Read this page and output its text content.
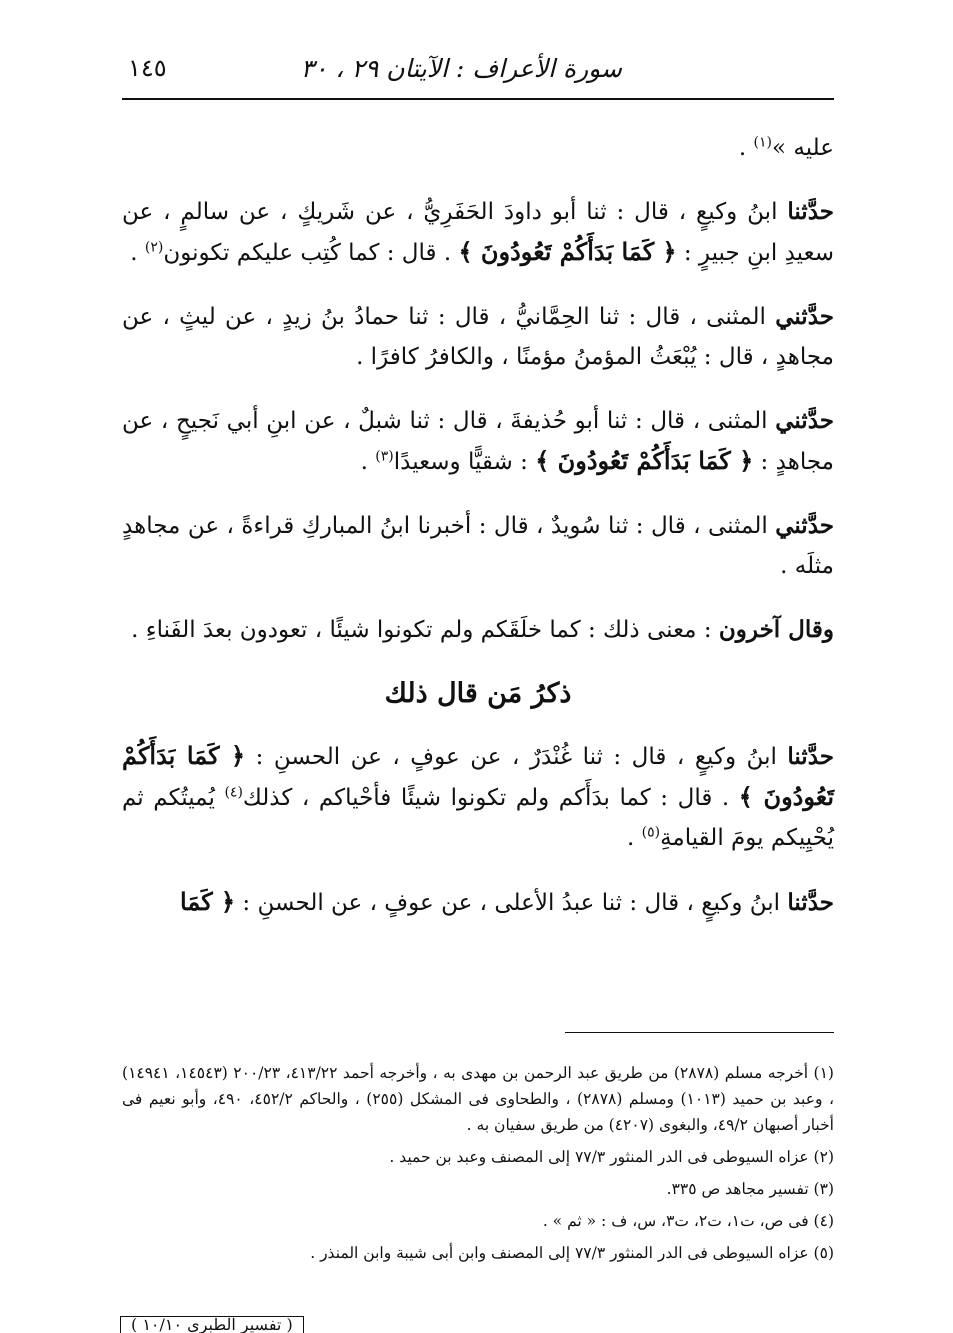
سورة الأعراف : الآيتان ٢٩ ، ٣٠
١٤٥

عليه »$^{(١)}$ .

حدَّثنا ابنُ وكيعٍ ، قال : ثنا أبو داودَ الحَفَرِيُّ ، عن شَريكٍ ، عن سالمٍ ، عن سعيدِ ابنِ جبيرٍ : ﴿ كَمَا بَدَأَكُمْ تَعُودُونَ ﴾ . قال : كما كُتِب عليكم تكونون$^{(٢)}$ .

حدَّثني المثنى ، قال : ثنا الحِمَّانيُّ ، قال : ثنا حمادُ بنُ زيدٍ ، عن ليثٍ ، عن مجاهدٍ ، قال : يُبْعَثُ المؤمنُ مؤمنًا ، والكافرُ كافرًا .

حدَّثني المثنى ، قال : ثنا أبو حُذيفةَ ، قال : ثنا شبلٌ ، عن ابنِ أبي نَجيحٍ ، عن مجاهدٍ : ﴿ كَمَا بَدَأَكُمْ تَعُودُونَ ﴾ : شقيًّا وسعيدًا$^{(٣)}$ .

حدَّثني المثنى ، قال : ثنا سُويدٌ ، قال : أخبرنا ابنُ المباركِ قراءةً ، عن مجاهدٍ مثلَه .

وقال آخرون : معنى ذلك : كما خلَقَكم ولم تكونوا شيئًا ، تعودون بعدَ الفَناءِ .

ذكرُ مَن قال ذلك

حدَّثنا ابنُ وكيعٍ ، قال : ثنا غُنْدَرٌ ، عن عوفٍ ، عن الحسنِ : ﴿ كَمَا بَدَأَكُمْ تَعُودُونَ ﴾ . قال : كما بدَأَكم ولم تكونوا شيئًا فأحْياكم ، كذلك$^{(٤)}$ يُميتُكم ثم يُحْيِيكم يومَ القيامةِ$^{(٥)}$ .

حدَّثنا ابنُ وكيعٍ ، قال : ثنا عبدُ الأعلى ، عن عوفٍ ، عن الحسنِ : ﴿ كَمَا

(١) أخرجه مسلم (٢٨٧٨) من طريق عبد الرحمن بن مهدى به ، وأخرجه أحمد ٤١٣/٢٢، ٢٠٠/٢٣ (١٤٥٤٣، ١٤٩٤١) ، وعبد بن حميد (١٠١٣) ومسلم (٢٨٧٨) ، والطحاوى فى المشكل (٢٥٥) ، والحاكم ٤٥٢/٢، ٤٩٠، وأبو نعيم فى أخبار أصبهان ٤٩/٢، والبغوى (٤٢٠٧) من طريق سفيان به .

(٢) عزاه السيوطى فى الدر المنثور ٧٧/٣ إلى المصنف وعبد بن حميد .

(٣) تفسير مجاهد ص ٣٣٥.

(٤) فى ص، ت١، ت٢، ت٣، س، ف : « ثم » .

(٥) عزاه السيوطى فى الدر المنثور ٧٧/٣ إلى المصنف وابن أبى شيبة وابن المنذر .

( تفسير الطبرى ١٠/١٠ )
